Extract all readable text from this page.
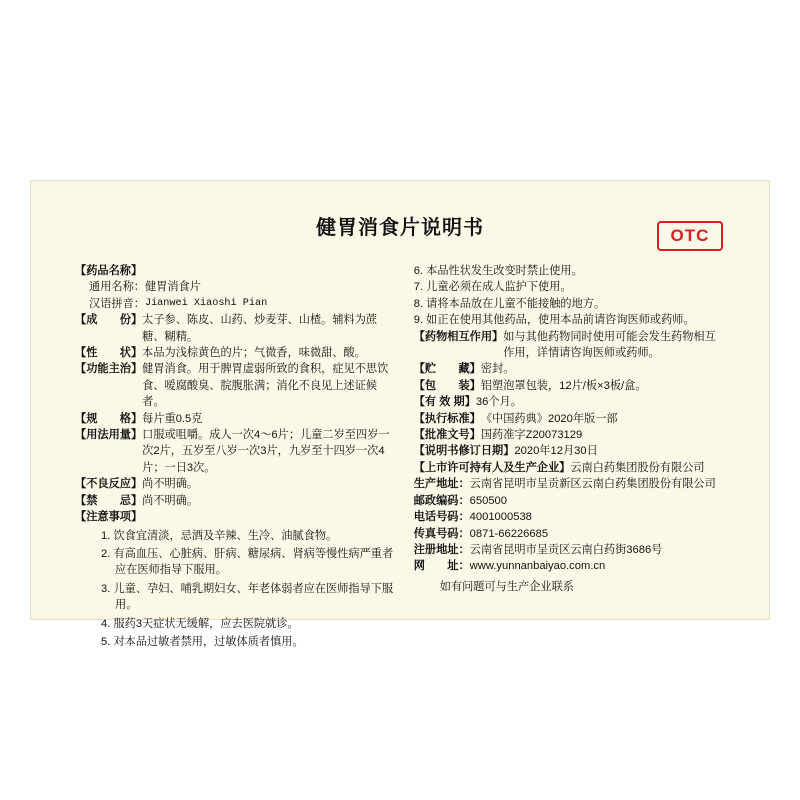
健胃消食片说明书	OTC
【药品名称】
通用名称： 健胃消食片
汉语拼音： Jianwei Xiaoshi Pian
【成　　份】 太子参、陈皮、山药、炒麦芽、山楂。辅料为蔗糖、糊精。
【性　　状】 本品为浅棕黄色的片；气微香，味微甜、酸。
【功能主治】 健胃消食。用于脾胃虚弱所致的食积，症见不思饮食、嗳腐酸臭、脘腹胀满；消化不良见上述证候者。
【规　　格】 每片重0.5克
【用法用量】 口服或咀嚼。成人一次4～6片；儿童二岁至四岁一次2片，五岁至八岁一次3片，九岁至十四岁一次4片；一日3次。
【不良反应】 尚不明确。
【禁　　忌】 尚不明确。
【注意事项】
1. 饮食宜清淡，忌酒及辛辣、生冷、油腻食物。
2. 有高血压、心脏病、肝病、糖尿病、肾病等慢性病严重者应在医师指导下服用。
3. 儿童、孕妇、哺乳期妇女、年老体弱者应在医师指导下服用。
4. 服药3天症状无缓解，应去医院就诊。
5. 对本品过敏者禁用，过敏体质者慎用。
6. 本品性状发生改变时禁止使用。
7. 儿童必须在成人监护下使用。
8. 请将本品放在儿童不能接触的地方。
9. 如正在使用其他药品，使用本品前请咨询医师或药师。
【药物相互作用】 如与其他药物同时使用可能会发生药物相互作用，详情请咨询医师或药师。
【贮　　藏】 密封。
【包　　装】 铝塑泡罩包装，12片/板×3板/盒。
【有 效 期】 36个月。
【执行标准】 《中国药典》2020年版一部
【批准文号】 国药准字Z20073129
【说明书修订日期】 2020年12月30日
【上市许可持有人及生产企业】 云南白药集团股份有限公司
生产地址： 云南省昆明市呈贡新区云南白药集团股份有限公司
邮政编码： 650500
电话号码： 4001000538
传真号码： 0871-66226685
注册地址： 云南省昆明市呈贡区云南白药街3686号
网　　址： www.yunnanbaiyao.com.cn
如有问题可与生产企业联系
